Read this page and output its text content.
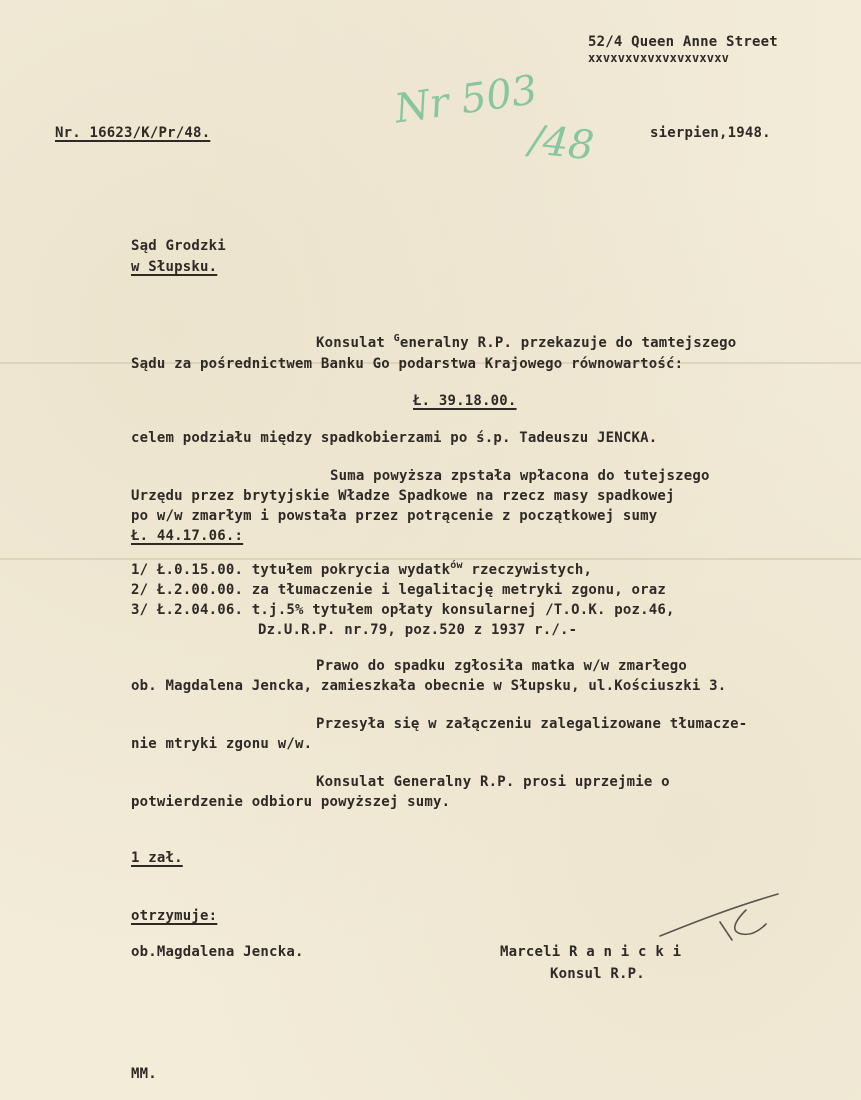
52/4 Queen Anne Street
xxvxvxvxvxvxvxvxvxv
Nr. 16623/K/Pr/48.	sierpien,1948.
Nr 503
/48
Sąd Grodzki
w Słupsku.
Konsulat $^G$eneralny R.P. przekazuje do tamtejszego
Sądu za pośrednictwem Banku Go podarstwa Krajowego równowartość:
Ł. 39.18.00.
celem podziału między spadkobierzami po ś.p. Tadeuszu JENCKA.
Suma powyższa zpstała wpłacona do tutejszego
Urzędu przez brytyjskie Władze Spadkowe na rzecz masy spadkowej
po w/w zmarłym i powstała przez potrącenie z początkowej sumy
Ł. 44.17.06.:
1/ Ł.0.15.00. tytułem pokrycia wydatk$^{ów}$ rzeczywistych,
2/ Ł.2.00.00. za tłumaczenie i legalitację metryki zgonu, oraz
3/ Ł.2.04.06. t.j.5% tytułem opłaty konsularnej /T.O.K. poz.46,
Dz.U.R.P. nr.79, poz.520 z 1937 r./.-
Prawo do spadku zgłosiła matka w/w zmarłego
ob. Magdalena Jencka, zamieszkała obecnie w Słupsku, ul.Kościuszki 3.
Przesyła się w załączeniu zalegalizowane tłumacze-
nie mtryki zgonu w/w.
Konsulat Generalny R.P. prosi uprzejmie o
potwierdzenie odbioru powyższej sumy.
1 zał.
otrzymuje:
ob.Magdalena Jencka.	Marceli R a n i c k i
Konsul R.P.
MM.
